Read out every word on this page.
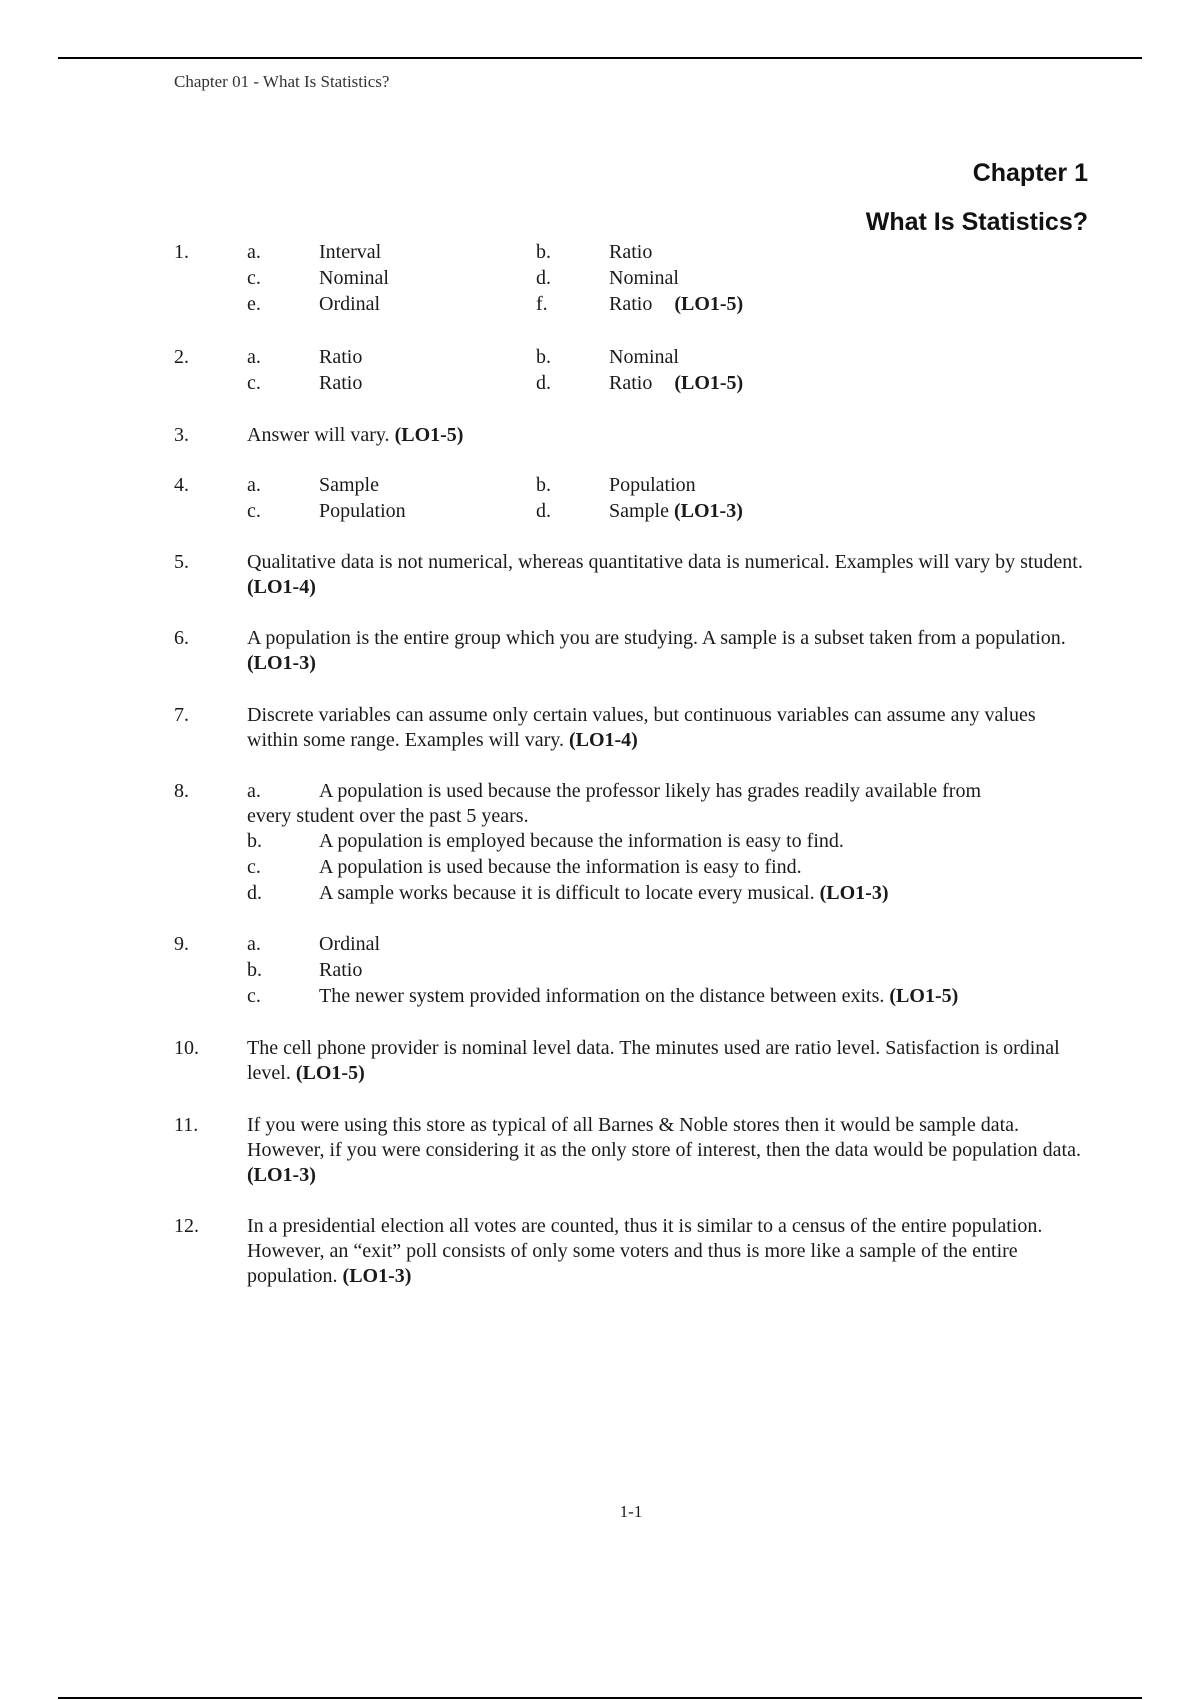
Chapter 01 - What Is Statistics?
Chapter 1
What Is Statistics?
1.	a.	Interval	b.	Ratio
c.	Nominal	d.	Nominal
e.	Ordinal	f.	Ratio (LO1-5)
2.	a.	Ratio	b.	Nominal
c.	Ratio	d.	Ratio (LO1-5)
3.	Answer will vary. (LO1-5)
4.	a.	Sample	b.	Population
c.	Population	d.	Sample (LO1-3)
5.	Qualitative data is not numerical, whereas quantitative data is numerical. Examples will vary by student. (LO1-4)
6.	A population is the entire group which you are studying. A sample is a subset taken from a population. (LO1-3)
7.	Discrete variables can assume only certain values, but continuous variables can assume any values within some range. Examples will vary. (LO1-4)
8.	a.	A population is used because the professor likely has grades readily available from
every student over the past 5 years.
b.	A population is employed because the information is easy to find.
c.	A population is used because the information is easy to find.
d.	A sample works because it is difficult to locate every musical. (LO1-3)
9.	a.	Ordinal
b.	Ratio
c.	The newer system provided information on the distance between exits. (LO1-5)
10. The cell phone provider is nominal level data. The minutes used are ratio level. Satisfaction is ordinal level. (LO1-5)
11. If you were using this store as typical of all Barnes & Noble stores then it would be sample data. However, if you were considering it as the only store of interest, then the data would be population data. (LO1-3)
12. In a presidential election all votes are counted, thus it is similar to a census of the entire population. However, an “exit” poll consists of only some voters and thus is more like a sample of the entire population. (LO1-3)
1-1
